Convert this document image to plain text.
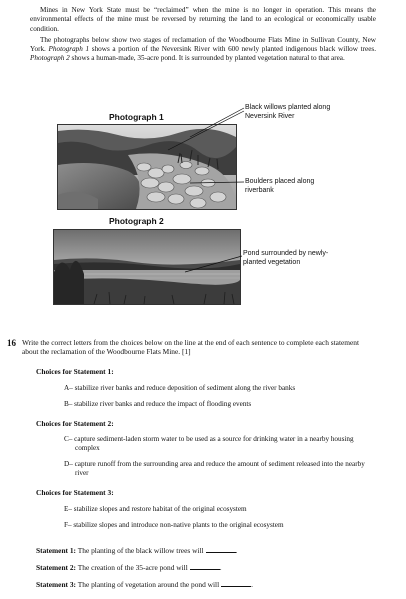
Mines in New York State must be “reclaimed” when the mine is no longer in operation. This means the environmental effects of the mine must be reversed by returning the land to an ecological or economically usable condition.

The photographs below show two stages of reclamation of the Woodbourne Flats Mine in Sullivan County, New York. Photograph 1 shows a portion of the Neversink River with 600 newly planted indigenous black willow trees. Photograph 2 shows a human-made, 35-acre pond. It is surrounded by planted vegetation natural to that area.

Photograph 1
Black willows planted along Neversink River
Boulders placed along riverbank
Photograph 2
Pond surrounded by newly-planted vegetation
16 Write the correct letters from the choices below on the line at the end of each sentence to complete each statement about the reclamation of the Woodbourne Flats Mine. [1]
Choices for Statement 1:
A– stabilize river banks and reduce deposition of sediment along the river banks
B– stabilize river banks and reduce the impact of flooding events
Choices for Statement 2:
C– capture sediment-laden storm water to be used as a source for drinking water in a nearby housing complex
D– capture runoff from the surrounding area and reduce the amount of sediment released into the nearby river
Choices for Statement 3:
E– stabilize slopes and restore habitat of the original ecosystem
F– stabilize slopes and introduce non-native plants to the original ecosystem
Statement 1: The planting of the black willow trees will	.
Statement 2: The creation of the 35-acre pond will	.
Statement 3: The planting of vegetation around the pond will	.
